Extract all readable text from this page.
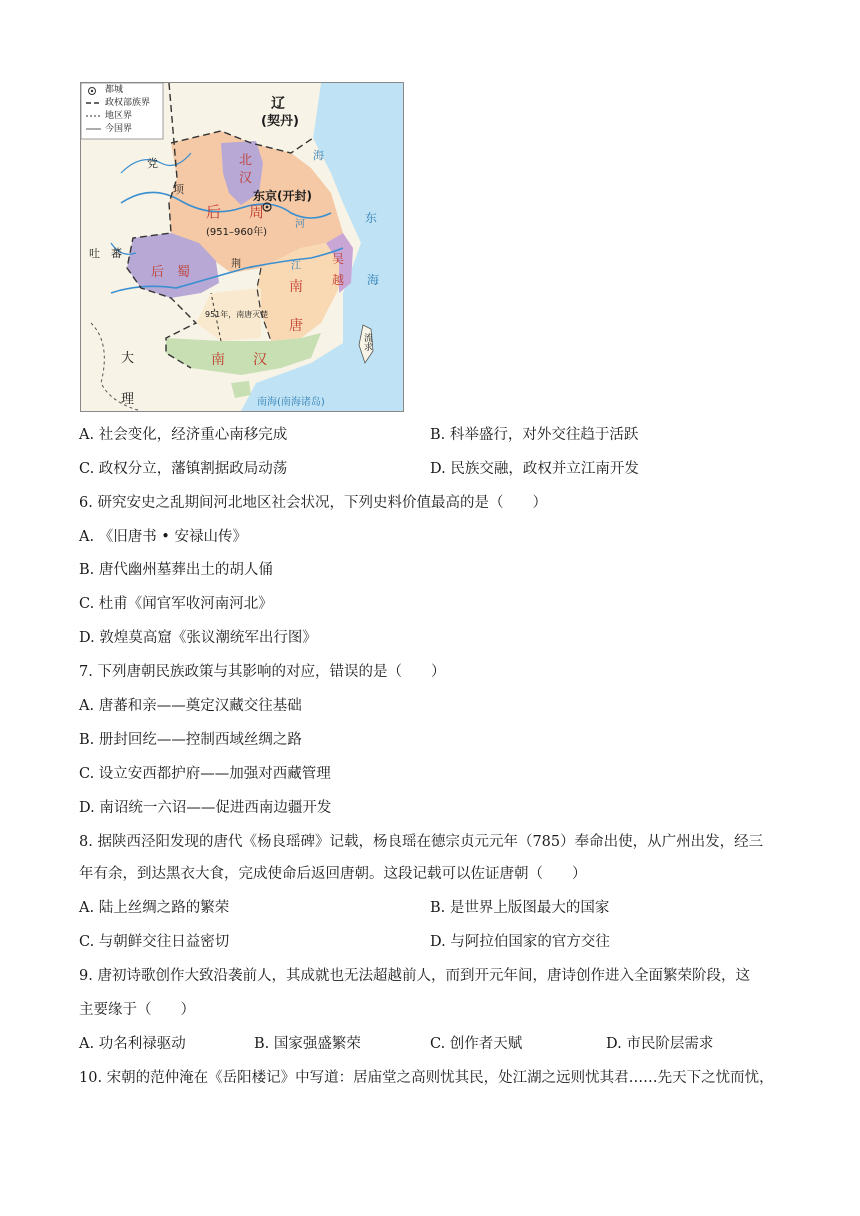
都城
政权部族界
地区界
今国界
辽
(契丹)
北
汉
东京(开封)
后 周
(951–960年)
后　蜀
党
项
吐　蕃
大
理
南
唐
951年，南唐灭楚
吴
越
南　　汉
流求
海
东
海
南海(南海诸岛)
江
河
荆
A. 社会变化，经济重心南移完成	B. 科举盛行，对外交往趋于活跃
C. 政权分立，藩镇割据政局动荡	D. 民族交融，政权并立江南开发
6. 研究安史之乱期间河北地区社会状况，下列史料价值最高的是（　　）
A. 《旧唐书 • 安禄山传》
B. 唐代幽州墓葬出土的胡人俑
C. 杜甫《闻官军收河南河北》
D. 敦煌莫高窟《张议潮统军出行图》
7. 下列唐朝民族政策与其影响的对应，错误的是（　　）
A. 唐蕃和亲——奠定汉藏交往基础
B. 册封回纥——控制西域丝绸之路
C. 设立安西都护府——加强对西藏管理
D. 南诏统一六诏——促进西南边疆开发
8. 据陕西泾阳发现的唐代《杨良瑶碑》记载，杨良瑶在德宗贞元元年（785）奉命出使，从广州出发，经三
年有余，到达黑衣大食，完成使命后返回唐朝。这段记载可以佐证唐朝（　　）
A. 陆上丝绸之路的繁荣	B. 是世界上版图最大的国家
C. 与朝鲜交往日益密切	D. 与阿拉伯国家的官方交往
9. 唐初诗歌创作大致沿袭前人，其成就也无法超越前人，而到开元年间，唐诗创作进入全面繁荣阶段，这
主要缘于（　　）
A. 功名利禄驱动	B. 国家强盛繁荣	C. 创作者天赋	D. 市民阶层需求
10. 宋朝的范仲淹在《岳阳楼记》中写道：居庙堂之高则忧其民，处江湖之远则忧其君……先天下之忧而忧，
